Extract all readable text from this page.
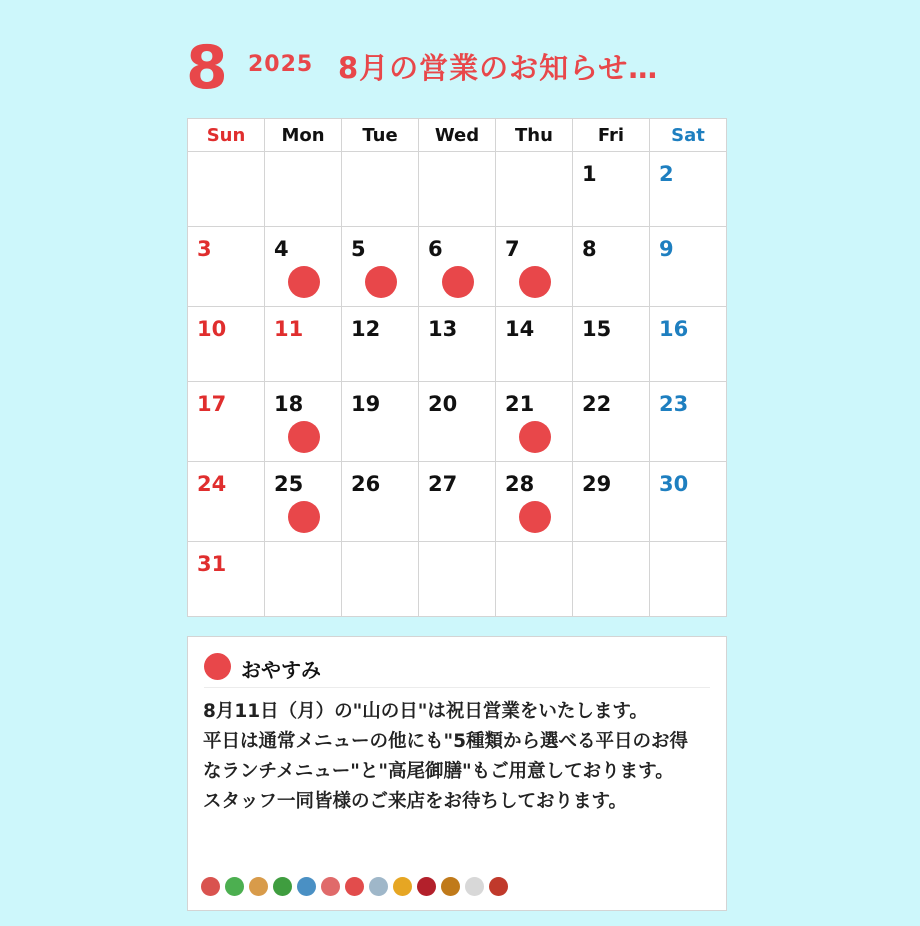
8 2025 8月の営業のお知らせ…
Sun	Mon	Tue	Wed	Thu	Fri	Sat

					1	2

3	4	5	6	7	8	9

10	11	12	13	14	15	16

17	18	19	20	21	22	23

24	25	26	27	28	29	30

31						

おやすみ

8月11日（月）の"山の日"は祝日営業をいたします。

平日は通常メニューの他にも"5種類から選べる平日のお得なランチメニュー"と"高尾御膳"もご用意しております。

スタッフ一同皆様のご来店をお待ちしております。
